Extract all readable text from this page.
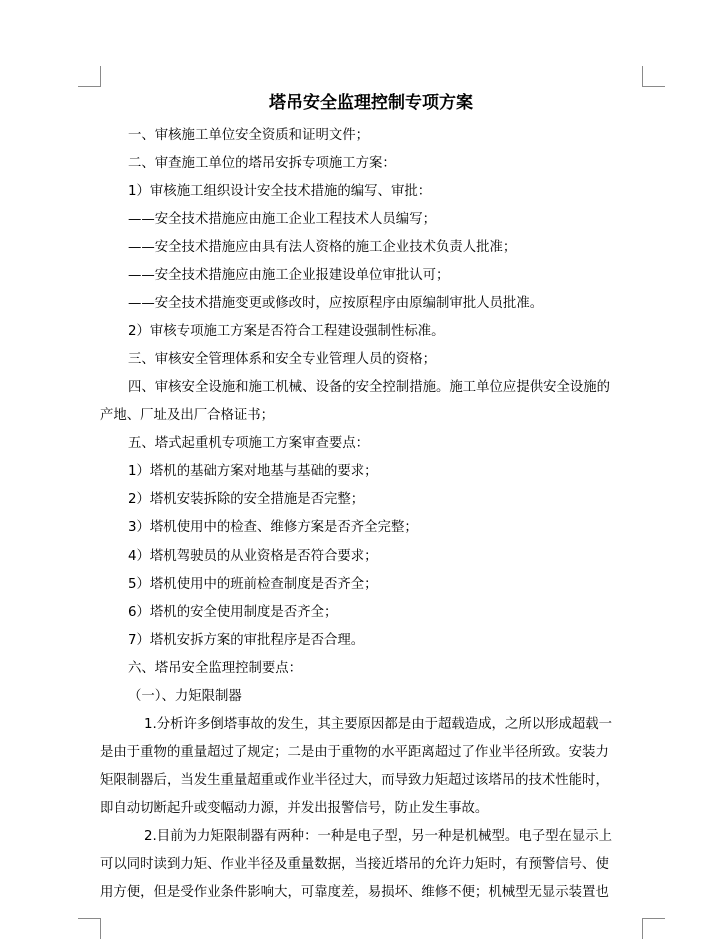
塔吊安全监理控制专项方案
一、审核施工单位安全资质和证明文件；
二、审查施工单位的塔吊安拆专项施工方案：
1）审核施工组织设计安全技术措施的编写、审批：
——安全技术措施应由施工企业工程技术人员编写；
——安全技术措施应由具有法人资格的施工企业技术负责人批准；
——安全技术措施应由施工企业报建设单位审批认可；
——安全技术措施变更或修改时，应按原程序由原编制审批人员批准。
2）审核专项施工方案是否符合工程建设强制性标准。
三、审核安全管理体系和安全专业管理人员的资格；
四、审核安全设施和施工机械、设备的安全控制措施。施工单位应提供安全设施的
产地、厂址及出厂合格证书；
五、塔式起重机专项施工方案审查要点：
1）塔机的基础方案对地基与基础的要求；
2）塔机安装拆除的安全措施是否完整；
3）塔机使用中的检查、维修方案是否齐全完整；
4）塔机驾驶员的从业资格是否符合要求；
5）塔机使用中的班前检查制度是否齐全；
6）塔机的安全使用制度是否齐全；
7）塔机安拆方案的审批程序是否合理。
六、塔吊安全监理控制要点：
（一）、力矩限制器
1.分析许多倒塔事故的发生，其主要原因都是由于超载造成，之所以形成超载一
是由于重物的重量超过了规定；二是由于重物的水平距离超过了作业半径所致。安装力
矩限制器后，当发生重量超重或作业半径过大，而导致力矩超过该塔吊的技术性能时，
即自动切断起升或变幅动力源，并发出报警信号，防止发生事故。
2.目前为力矩限制器有两种：一种是电子型，另一种是机械型。电子型在显示上
可以同时读到力矩、作业半径及重量数据，当接近塔吊的允许力矩时，有预警信号、使
用方便，但是受作业条件影响大，可靠度差，易损坏、维修不便；机械型无显示装置也
